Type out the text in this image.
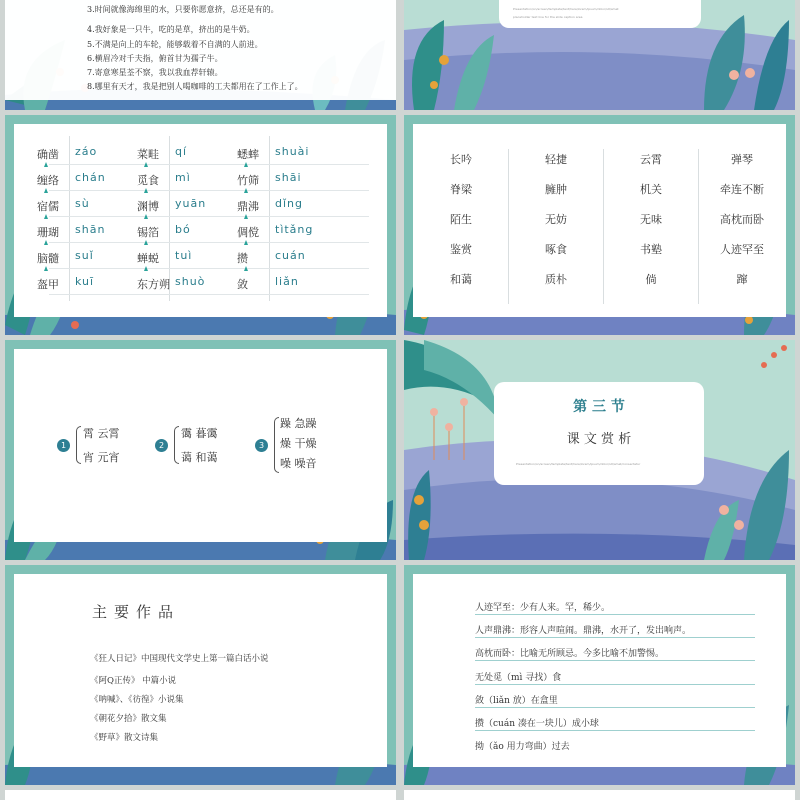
3.时间就像海绵里的水，只要你愿意挤，总还是有的。
4.我好象是一只牛，吃的是草，挤出的是牛奶。
5.不满是向上的车轮，能够载着不自满的人前进。
6.横眉冷对千夫指，俯首甘为孺子牛。
7.寄意寒星荃不察，我以我血荐轩辕。
8.哪里有天才，我是把别人喝咖啡的工夫都用在了工作上了。
Presentation/on/screen/template/text/here/lorem/ipsum/dolor/sit/amet
placeholder text line for the slide caption area
确凿 záo
缠络 chán
宿儒 sù
珊瑚 shān
脑髓 suǐ
盔甲 kuī
菜畦 qí
觅食 mì
渊博 yuān
锡箔 bó
蝉蜕 tuì
东方朔 shuò
蟋蟀 shuài
竹筛 shāi
鼎沸 dǐng
倜傥 tìtǎng
攒 cuán
敛 liǎn
长吟
脊梁
陌生
鉴赏
和蔼
轻捷
臃肿
无妨
啄食
质朴
云霄
机关
无味
书塾
倘
弹琴
牵连不断
高枕而卧
人迹罕至
蹿
1
霄 云霄
宵 元宵
2
霭 暮霭
蔼 和蔼
3
躁 急躁
燥 干燥
噪 噪音
第 三 节
课 文 赏 析
Presentation/on/screen/template/text/here/lorem/ipsum/dolor/sit/amet/consectetur
主要作品
《狂人日记》中国现代文学史上第一篇白话小说
《阿Q正传》 中篇小说
《呐喊》、《彷徨》小说集
《朝花夕拾》散文集
《野草》散文诗集
人迹罕至：少有人来。罕，稀少。
人声鼎沸：形容人声喧闹。鼎沸，水开了，发出响声。
高枕而卧：比喻无所顾忌。今多比喻不加警惕。
无处觅（mì 寻找）食
敛（liǎn 放）在盒里
攒（cuán 凑在一块儿）成小球
拗（ǎo 用力弯曲）过去
